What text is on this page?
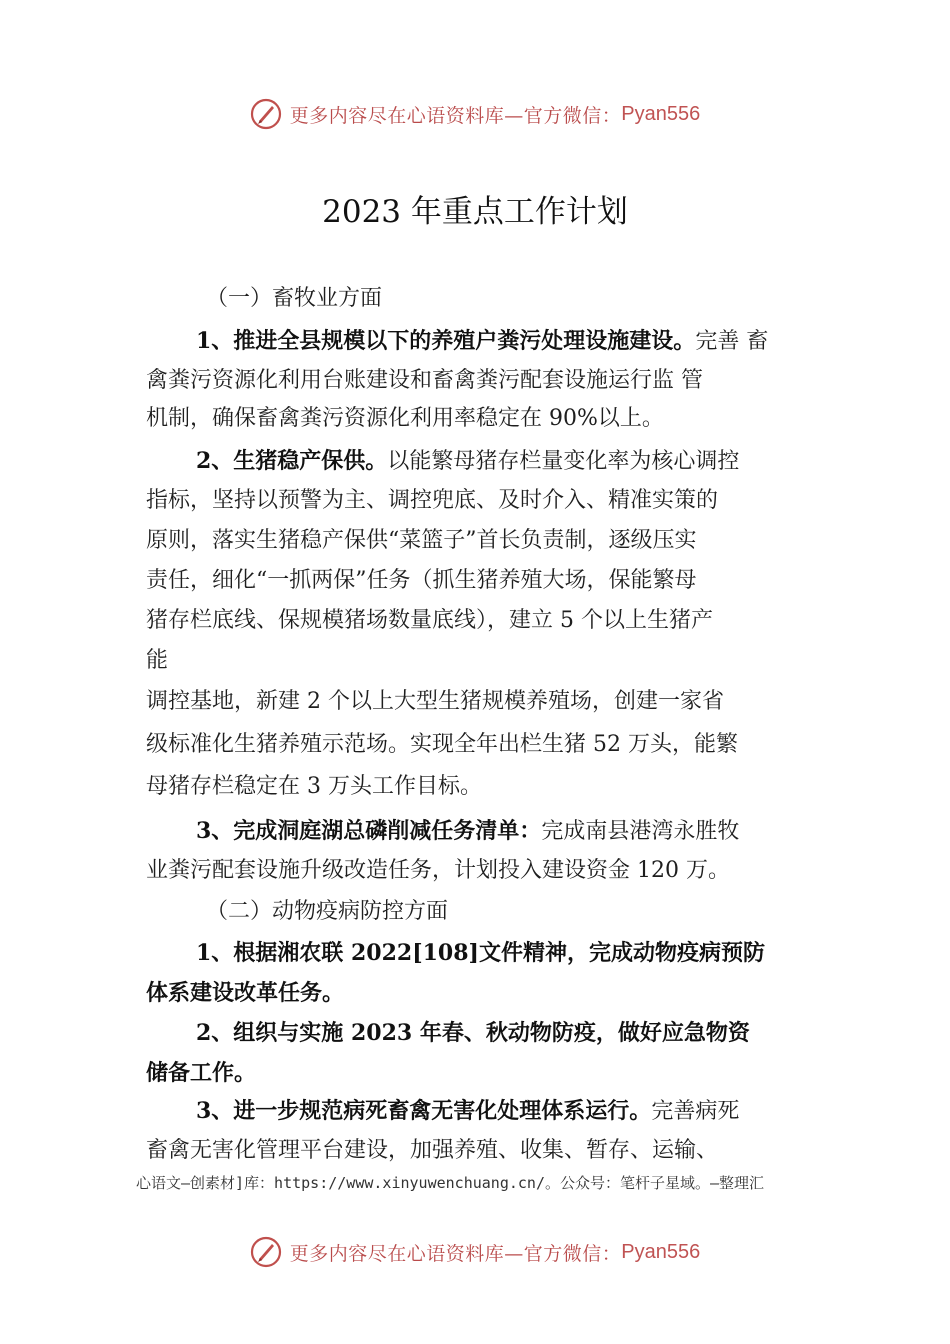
更多内容尽在心语资料库—官方微信： Pyan556
2023 年重点工作计划
（一）畜牧业方面
1、推进全县规模以下的养殖户粪污处理设施建设。完善 畜
禽粪污资源化利用台账建设和畜禽粪污配套设施运行监 管
机制，确保畜禽粪污资源化利用率稳定在 90%以上。
2、生猪稳产保供。以能繁母猪存栏量变化率为核心调控
指标，坚持以预警为主、调控兜底、及时介入、精准实策的
原则，落实生猪稳产保供“菜篮子”首长负责制，逐级压实
责任，细化“一抓两保”任务（抓生猪养殖大场，保能繁母
猪存栏底线、保规模猪场数量底线），建立 5 个以上生猪产
能
调控基地，新建 2 个以上大型生猪规模养殖场，创建一家省
级标准化生猪养殖示范场。实现全年出栏生猪 52 万头，能繁
母猪存栏稳定在 3 万头工作目标。
3、完成洞庭湖总磷削减任务清单：完成南县港湾永胜牧
业粪污配套设施升级改造任务，计划投入建设资金 120 万。
（二）动物疫病防控方面
1、根据湘农联 2022[108]文件精神，完成动物疫病预防
体系建设改革任务。
2、组织与实施 2023 年春、秋动物防疫，做好应急物资
储备工作。
3、进一步规范病死畜禽无害化处理体系运行。完善病死
畜禽无害化管理平台建设，加强养殖、收集、暂存、运输、
心语文—创素材]库：https://www.xinyuwenchuang.cn/。公众号：笔杆子星域。—整理汇
更多内容尽在心语资料库—官方微信： Pyan556
